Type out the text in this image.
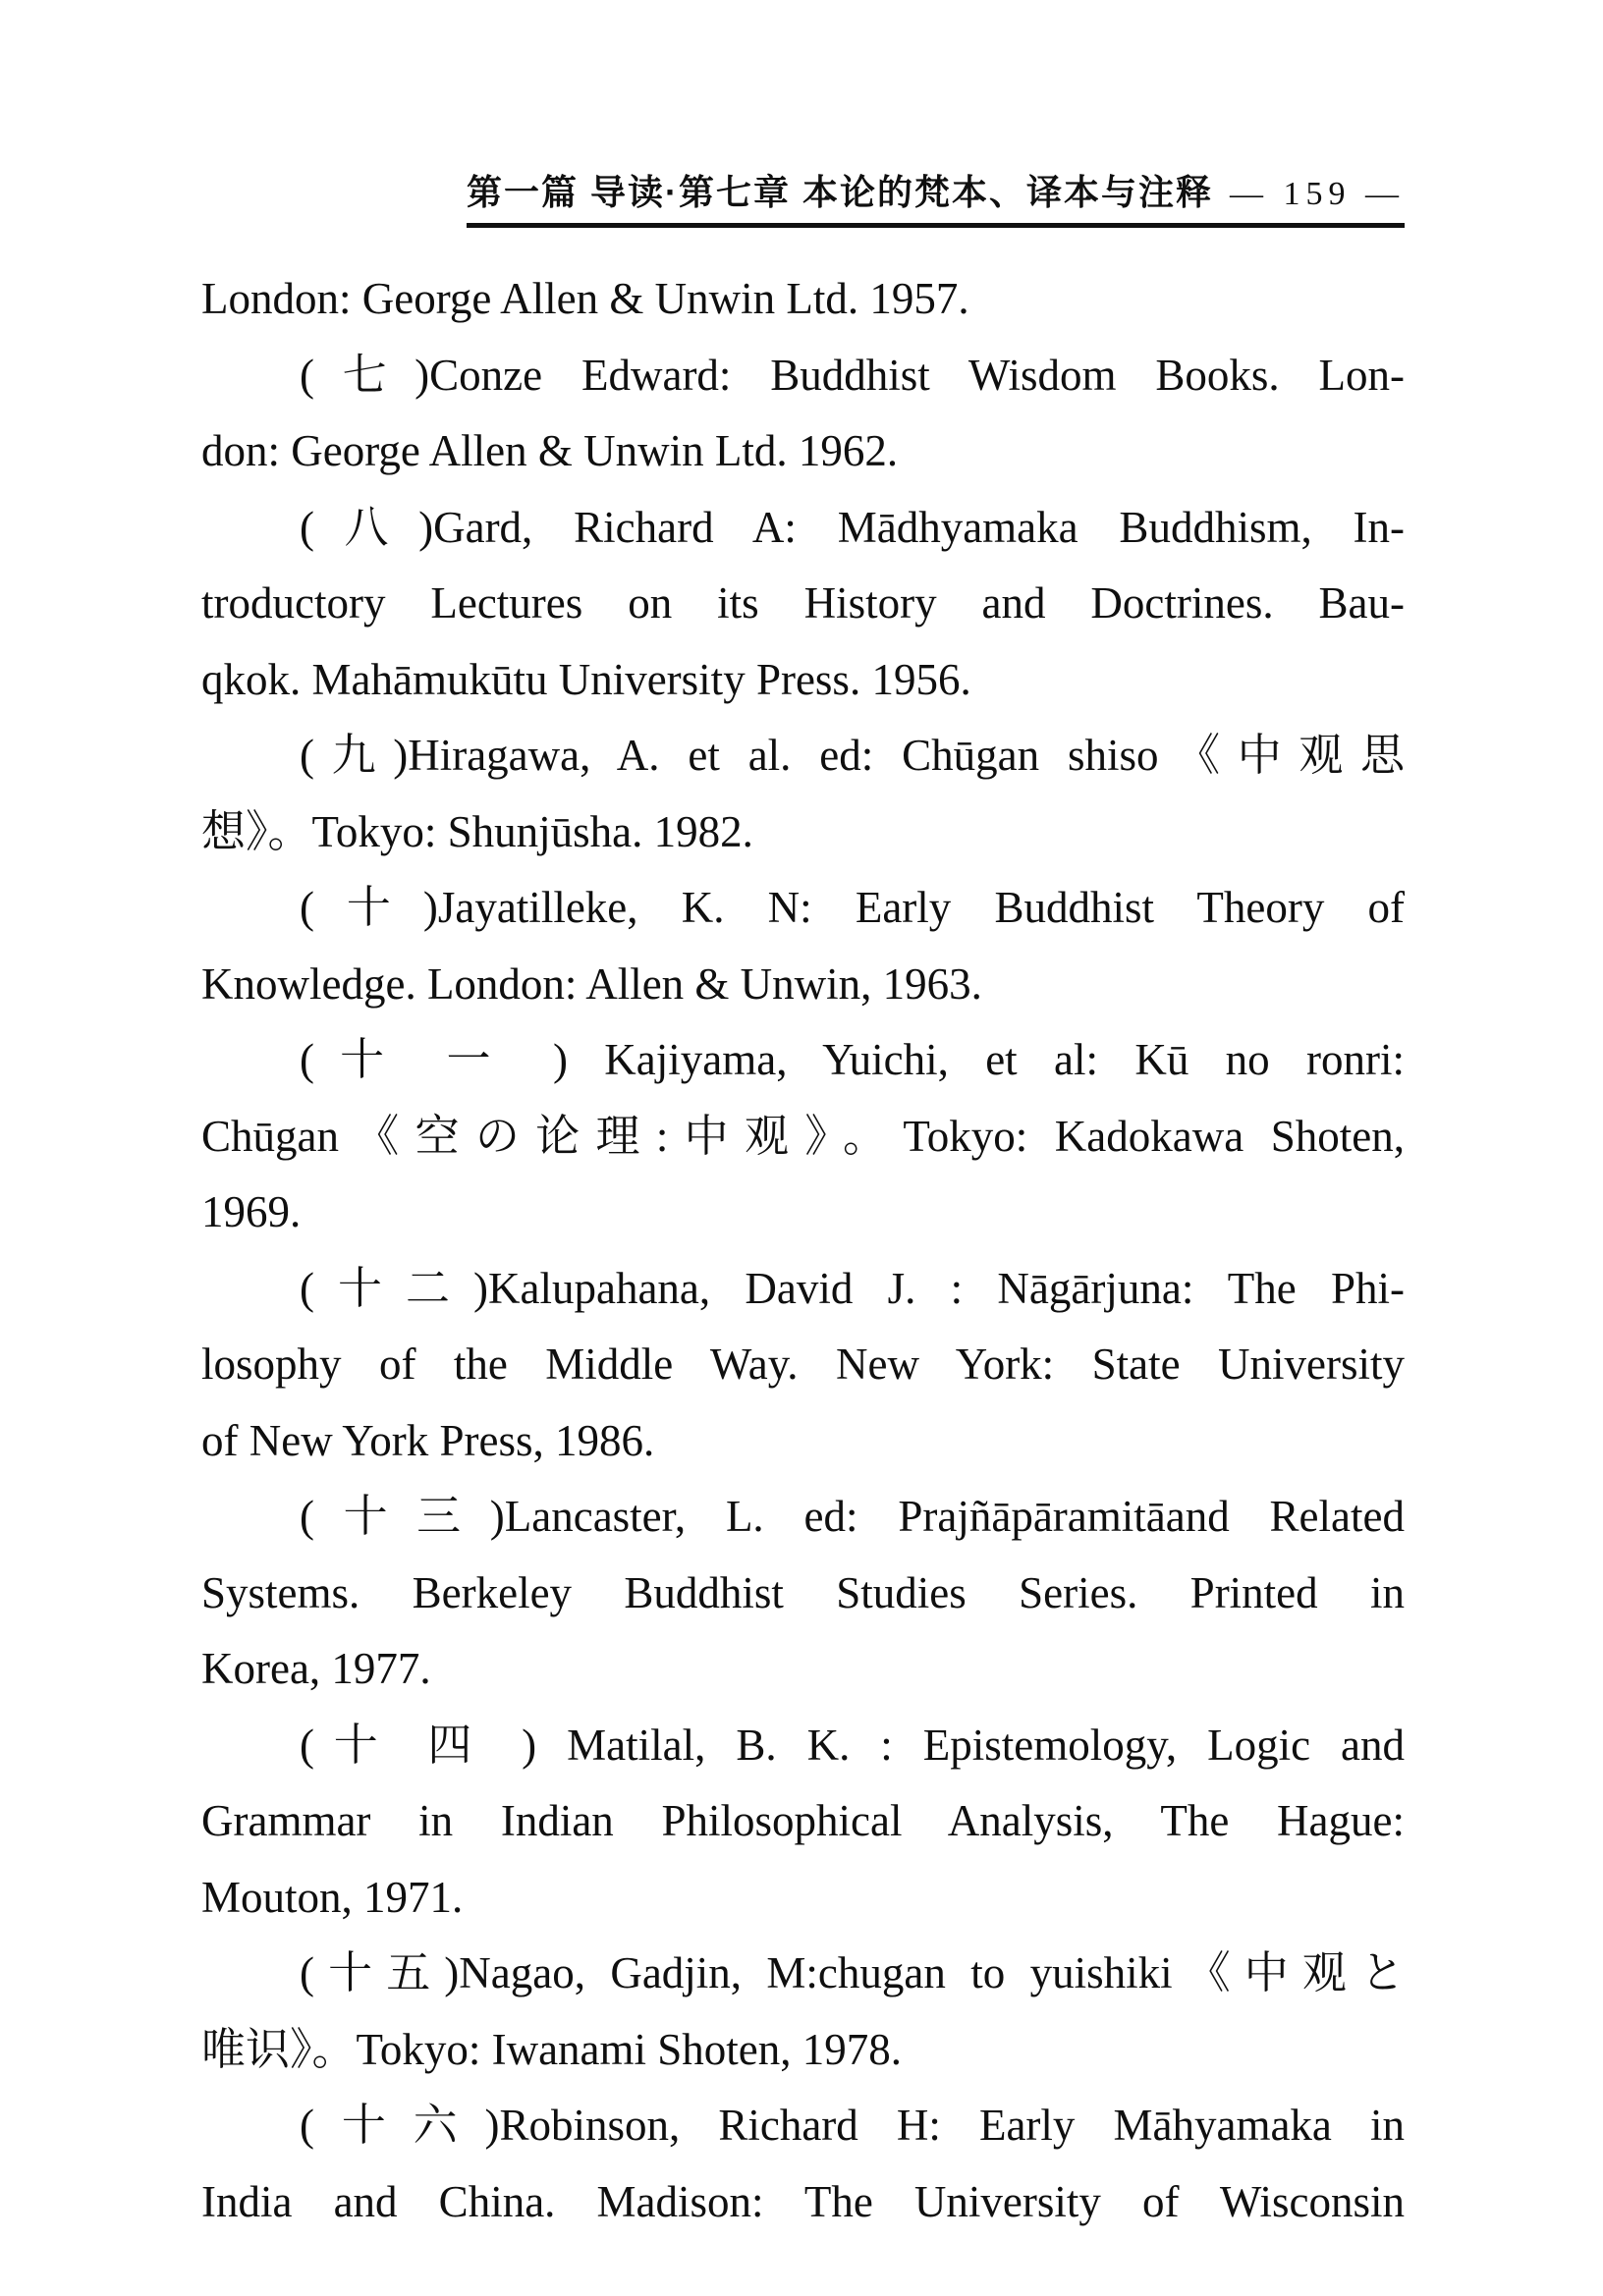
第一篇 导读·第七章 本论的梵本、译本与注释 — 159 —
London: George Allen & Unwin Ltd. 1957.
(七)Conze Edward: Buddhist Wisdom Books. Lon-
don: George Allen & Unwin Ltd. 1962.
(八)Gard, Richard A: Mādhyamaka Buddhism, In-
troductory Lectures on its History and Doctrines. Bau-
qkok. Mahāmukūtu University Press. 1956.
(九)Hiragawa, A. et al. ed: Chūgan shiso《中观思
想》。Tokyo: Shunjūsha. 1982.
(十)Jayatilleke, K. N: Early Buddhist Theory of
Knowledge. London: Allen & Unwin, 1963.
(十 一 ) Kajiyama, Yuichi, et al: Kū no ronri:
Chūgan《空の论理:中观》。Tokyo: Kadokawa Shoten,
1969.
(十二)Kalupahana, David J. : Nāgārjuna: The Phi-
losophy of the Middle Way. New York: State University
of New York Press, 1986.
(十三)Lancaster, L. ed: Prajñāpāramitāand Related
Systems. Berkeley Buddhist Studies Series. Printed in
Korea, 1977.
(十 四 ) Matilal, B. K. : Epistemology, Logic and
Grammar in Indian Philosophical Analysis, The Hague:
Mouton, 1971.
(十五)Nagao, Gadjin, M:chugan to yuishiki《中观と
唯识》。Tokyo: Iwanami Shoten, 1978.
(十六)Robinson, Richard H: Early Māhyamaka in
India and China. Madison: The University of Wisconsin
